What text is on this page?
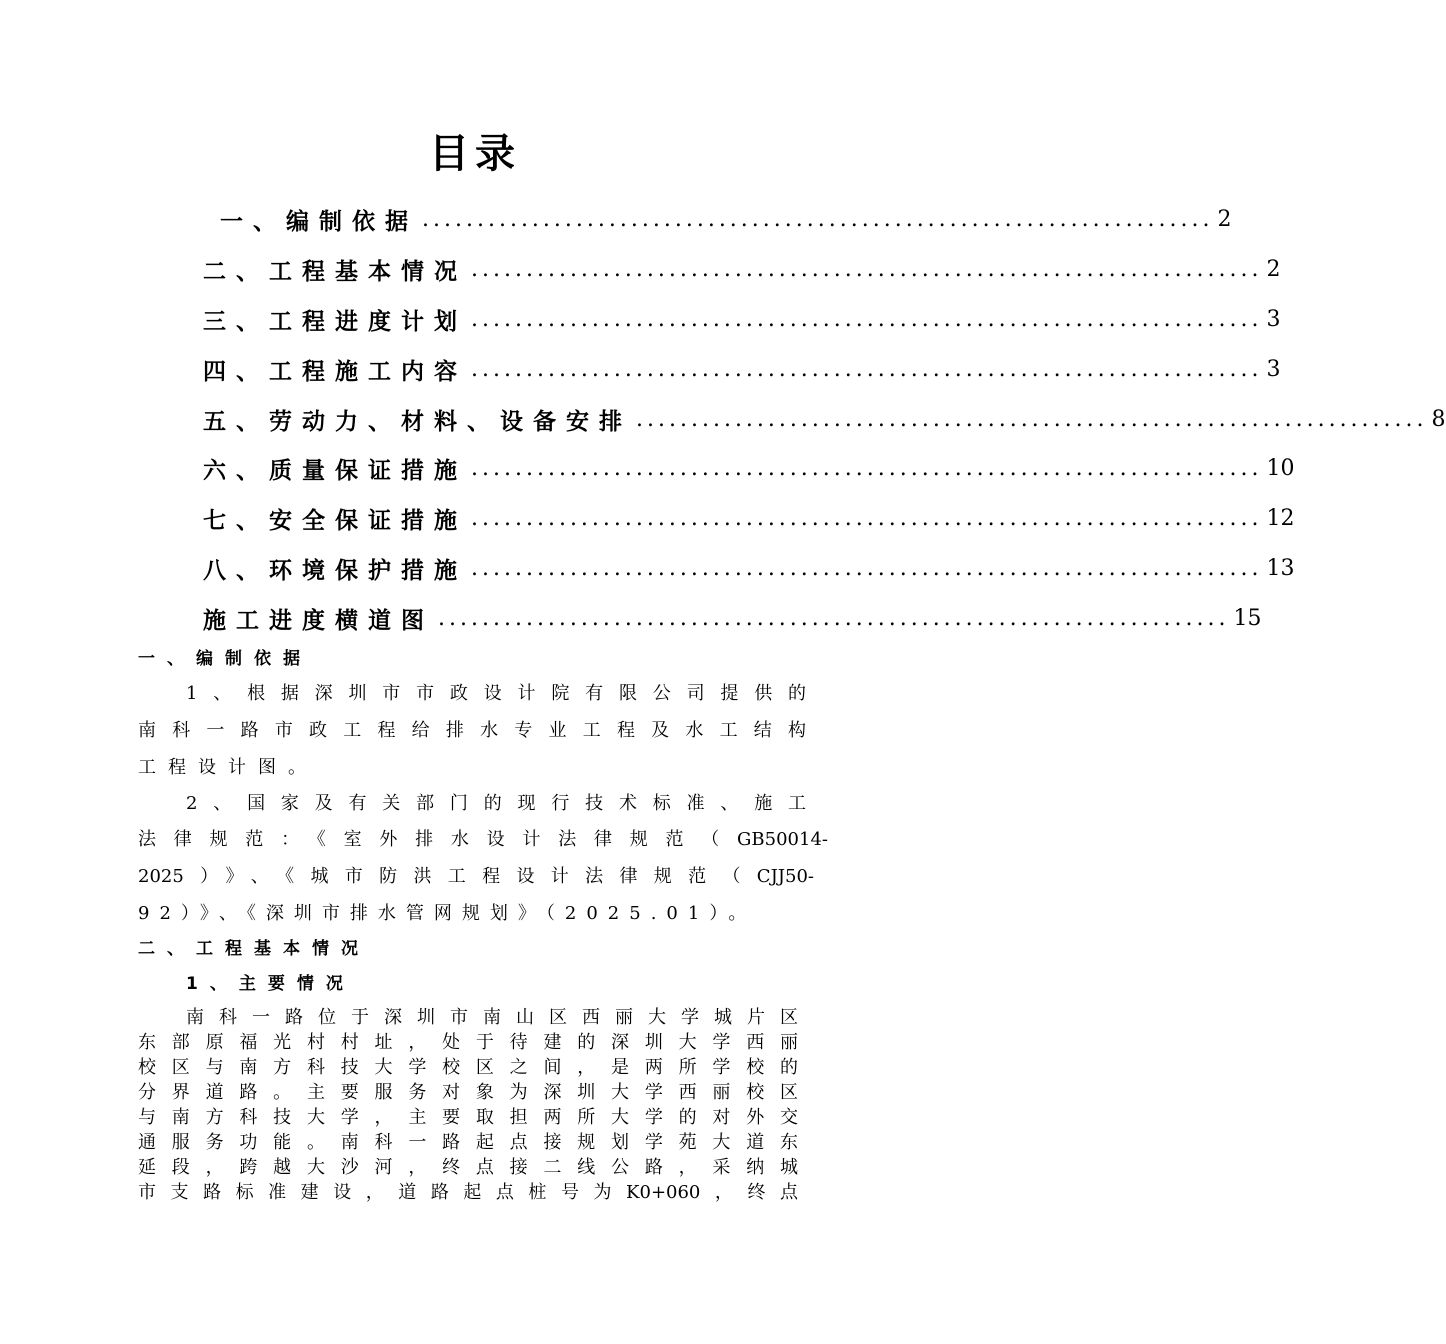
目录
一、编制依据 ........................................................................ 2
二、工程基本情况 ........................................................................ 2
三、工程进度计划 ........................................................................ 3
四、工程施工内容 ........................................................................ 3
五、劳动力、材料、设备安排 ........................................................................ 8
六、质量保证措施 ........................................................................ 10
七、安全保证措施 ........................................................................ 12
八、环境保护措施 ........................................................................ 13
施工进度横道图 ........................................................................ 15
一、编制依据
1、根据深圳市市政设计院有限公司提供的
南科一路市政工程给排水专业工程及水工结构
工程设计图。
2、国家及有关部门的现行技术标准、施工
法律规范：《室外排水设计法律规范（GB50014-
2025）》、《城市防洪工程设计法律规范（CJJ50-
92）》、《深圳市排水管网规划》（2025.01）。
二、工程基本情况
1、主要情况
南科一路位于深圳市南山区西丽大学城片区
东部原福光村村址，处于待建的深圳大学西丽
校区与南方科技大学校区之间，是两所学校的
分界道路。主要服务对象为深圳大学西丽校区
与南方科技大学，主要取担两所大学的对外交
通服务功能。南科一路起点接规划学苑大道东
延段，跨越大沙河，终点接二线公路，采纳城
市支路标准建设，道路起点桩号为K0+060，终点
